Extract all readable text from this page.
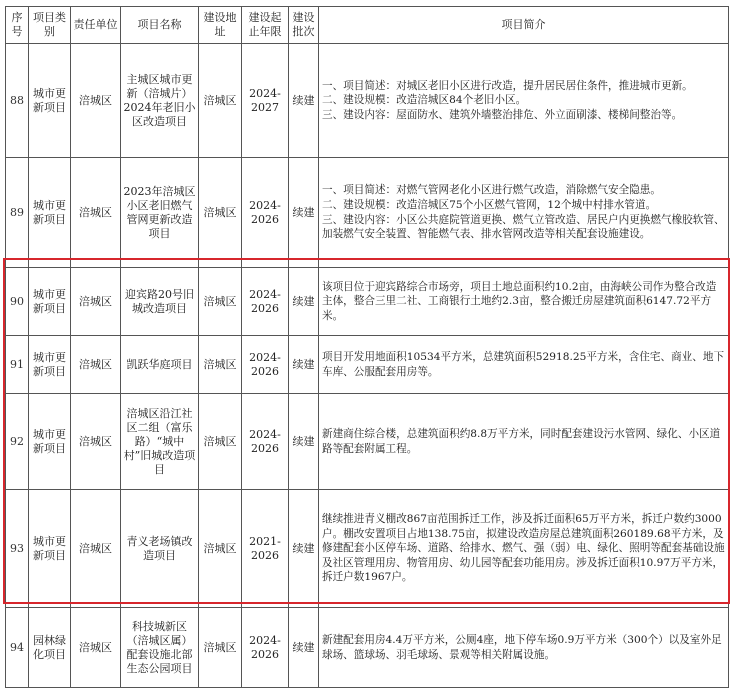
序号	项目类别	责任单位	项目名称	建设地址	建设起止年限	建设批次	项目简介
88	城市更新项目	涪城区	主城区城市更新（涪城片）2024年老旧小区改造项目	涪城区	2024-2027	续建	一、项目简述：对城区老旧小区进行改造，提升居民居住条件，推进城市更新。
二、建设规模：改造涪城区84个老旧小区。
三、建设内容：屋面防水、建筑外墙整治排危、外立面刷漆、楼梯间整治等。
89	城市更新项目	涪城区	2023年涪城区小区老旧燃气管网更新改造项目	涪城区	2024-2026	续建	一、项目简述：对燃气管网老化小区进行燃气改造，消除燃气安全隐患。
二、建设规模：改造涪城区75个小区燃气管网，12个城中村排水管道。
三、建设内容：小区公共庭院管道更换、燃气立管改造、居民户内更换燃气橡胶软管、加装燃气安全装置、智能燃气表、排水管网改造等相关配套设施建设。
90	城市更新项目	涪城区	迎宾路20号旧城改造项目	涪城区	2024-2026	续建	该项目位于迎宾路综合市场旁，项目土地总面积约10.2亩，由海峡公司作为整合改造主体，整合三里二社、工商银行土地约2.3亩，整合搬迁房屋建筑面积6147.72平方米。
91	城市更新项目	涪城区	凯跃华庭项目	涪城区	2024-2026	续建	项目开发用地面积10534平方米，总建筑面积52918.25平方米，含住宅、商业、地下车库、公服配套用房等。
92	城市更新项目	涪城区	涪城区沿江社区二组（富乐路）“城中村”旧城改造项目	涪城区	2024-2026	续建	新建商住综合楼，总建筑面积约8.8万平方米，同时配套建设污水管网、绿化、小区道路等配套附属工程。
93	城市更新项目	涪城区	青义老场镇改造项目	涪城区	2021-2026	续建	继续推进青义棚改867亩范围拆迁工作，涉及拆迁面积65万平方米，拆迁户数约3000户。棚改安置项目占地138.75亩，拟建设改造房屋总建筑面积260189.68平方米，及修建配套小区停车场、道路、给排水、燃气、强（弱）电、绿化、照明等配套基础设施及社区管理用房、物管用房、幼儿园等配套功能用房。涉及拆迁面积10.97万平方米，拆迁户数1967户。
94	园林绿化项目	涪城区	科技城新区（涪城区属）配套设施北部生态公园项目	涪城区	2024-2026	续建	新建配套用房4.4万平方米，公厕4座，地下停车场0.9万平方米（300个）以及室外足球场、篮球场、羽毛球场、景观等相关附属设施。
